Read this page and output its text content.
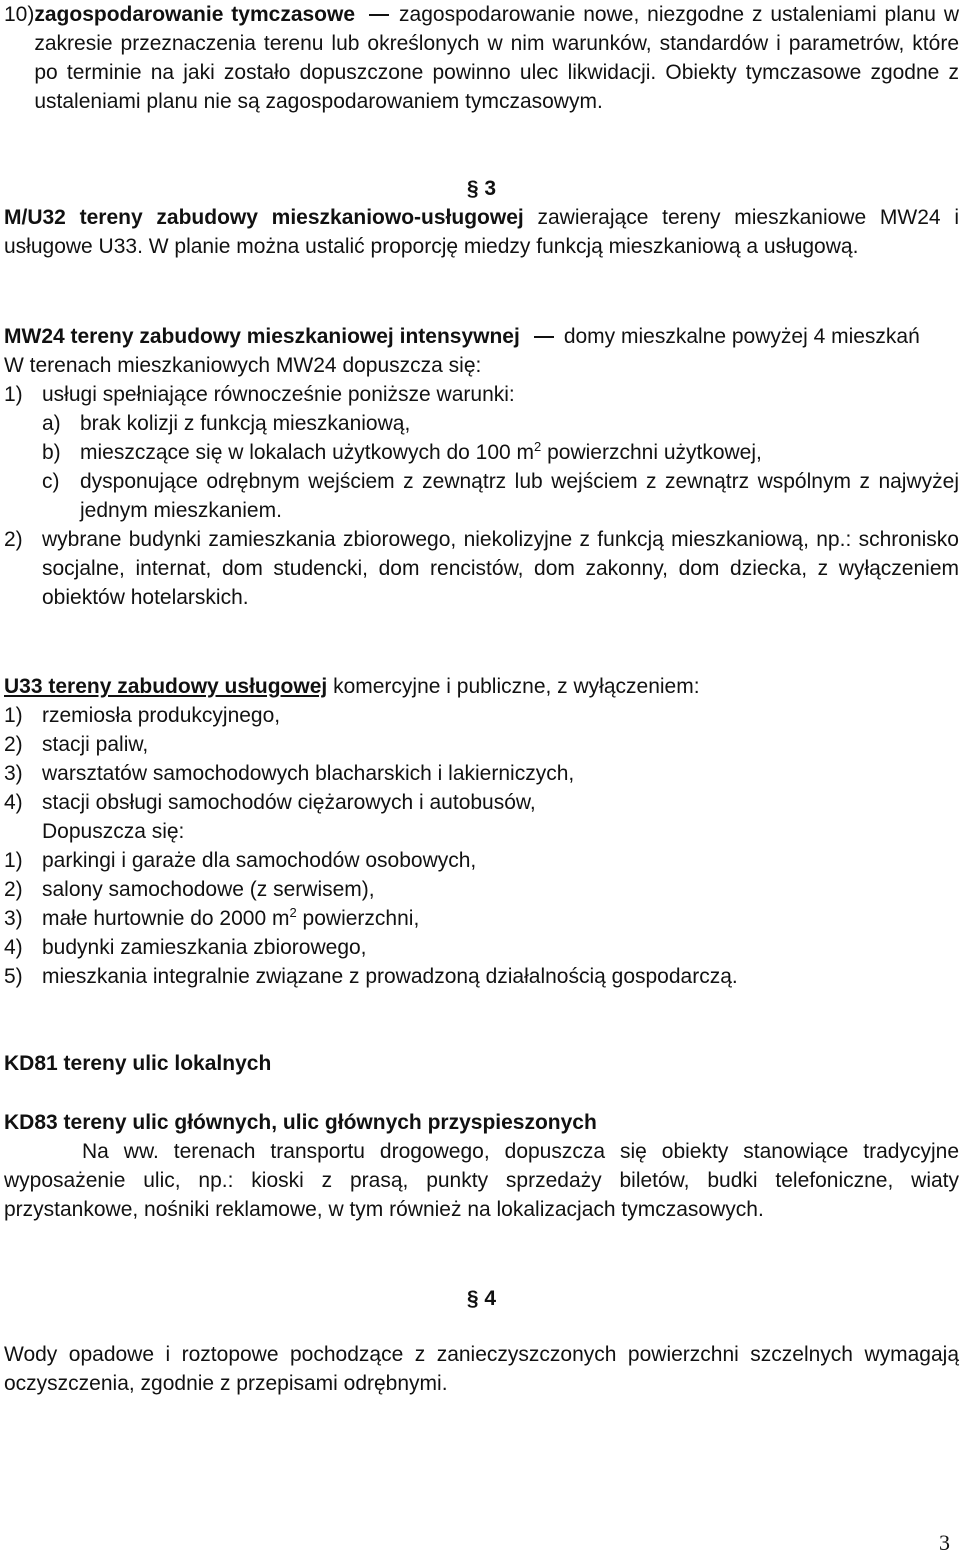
10) zagospodarowanie tymczasowe zagospodarowanie nowe, niezgodne z ustaleniami planu w zakresie przeznaczenia terenu lub określonych w nim warunków, standardów i parametrów, które po terminie na jaki zostało dopuszczone powinno ulec likwidacji. Obiekty tymczasowe zgodne z ustaleniami planu nie są zagospodarowaniem tymczasowym.

§ 3

M/U32 tereny zabudowy mieszkaniowo-usługowej zawierające tereny mieszkaniowe MW24 i usługowe U33. W planie można ustalić proporcję miedzy funkcją mieszkaniową a usługową.

MW24 tereny zabudowy mieszkaniowej intensywnej domy mieszkalne powyżej 4 mieszkań

W terenach mieszkaniowych MW24 dopuszcza się:
1) usługi spełniające równocześnie poniższe warunki:
a) brak kolizji z funkcją mieszkaniową,
b) mieszczące się w lokalach użytkowych do 100 $m^2$ powierzchni użytkowej,
c) dysponujące odrębnym wejściem z zewnątrz lub wejściem z zewnątrz wspólnym z najwyżej jednym mieszkaniem.
2) wybrane budynki zamieszkania zbiorowego, niekolizyjne z funkcją mieszkaniową, np.: schronisko socjalne, internat, dom studencki, dom rencistów, dom zakonny, dom dziecka, z wyłączeniem obiektów hotelarskich.
U33 tereny zabudowy usługowej komercyjne i publiczne, z wyłączeniem:
1) rzemiosła produkcyjnego,
2) stacji paliw,
3) warsztatów samochodowych blacharskich i lakierniczych,
4) stacji obsługi samochodów ciężarowych i autobusów,
Dopuszcza się:
1) parkingi i garaże dla samochodów osobowych,
2) salony samochodowe (z serwisem),
3) małe hurtownie do 2000 $m^2$ powierzchni,
4) budynki zamieszkania zbiorowego,
5) mieszkania integralnie związane z prowadzoną działalnością gospodarczą.
KD81 tereny ulic lokalnych
KD83 tereny ulic głównych, ulic głównych przyspieszonych

Na ww. terenach transportu drogowego, dopuszcza się obiekty stanowiące tradycyjne wyposażenie ulic, np.: kioski z prasą, punkty sprzedaży biletów, budki telefoniczne, wiaty przystankowe, nośniki reklamowe, w tym również na lokalizacjach tymczasowych.

§ 4

Wody opadowe i roztopowe pochodzące z zanieczyszczonych powierzchni szczelnych wymagają oczyszczenia, zgodnie z przepisami odrębnymi.

3
